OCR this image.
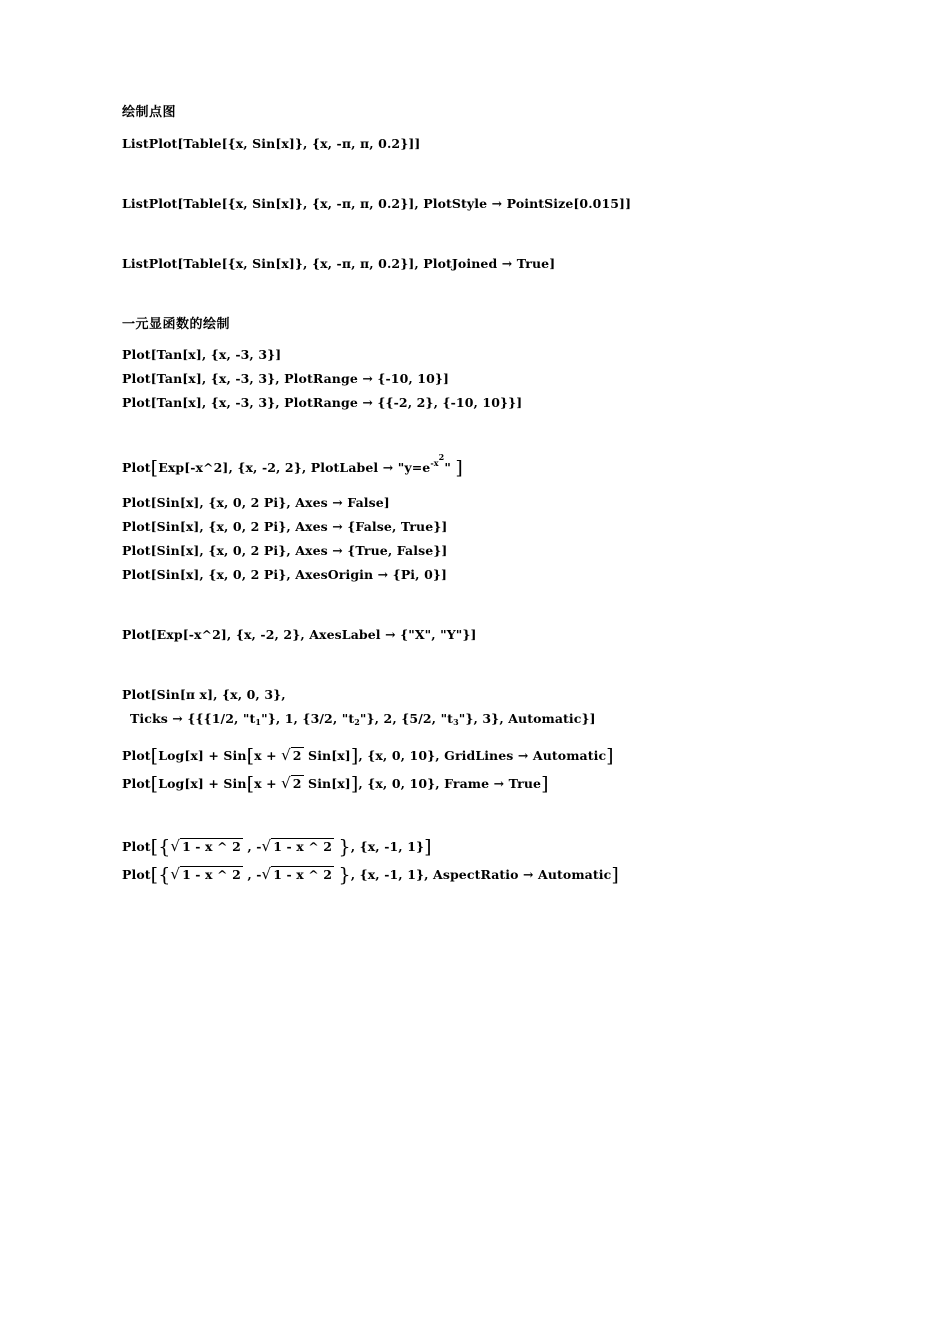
绘制点图
ListPlot[Table[{x, Sin[x]}, {x, -π, π, 0.2}]]
ListPlot[Table[{x, Sin[x]}, {x, -π, π, 0.2}], PlotStyle → PointSize[0.015]]
ListPlot[Table[{x, Sin[x]}, {x, -π, π, 0.2}], PlotJoined → True]
一元显函数的绘制
Plot[Tan[x], {x, -3, 3}]
Plot[Tan[x], {x, -3, 3}, PlotRange → {-10, 10}]
Plot[Tan[x], {x, -3, 3}, PlotRange → {{-2, 2}, {-10, 10}}]
Plot[Exp[-x^2], {x, -2, 2}, PlotLabel → "$y=e^{-x^2}$" ]
Plot[Sin[x], {x, 0, 2 Pi}, Axes → False]
Plot[Sin[x], {x, 0, 2 Pi}, Axes → {False, True}]
Plot[Sin[x], {x, 0, 2 Pi}, Axes → {True, False}]
Plot[Sin[x], {x, 0, 2 Pi}, AxesOrigin → {Pi, 0}]
Plot[Exp[-x^2], {x, -2, 2}, AxesLabel → {"X", "Y"}]
Plot[Sin[π x], {x, 0, 3},
Ticks → {{{1/2, "$t_1$"}, 1, {3/2, "$t_2$"}, 2, {5/2, "$t_3$"}, 3}, Automatic}]
Plot[Log[x] + Sin[x + √ 2 Sin[x]], {x, 0, 10}, GridLines → Automatic]
Plot[Log[x] + Sin[x + √ 2 Sin[x]], {x, 0, 10}, Frame → True]
Plot[{√ 1 - x ^ 2 , -√ 1 - x ^ 2 }, {x, -1, 1}]
Plot[{√ 1 - x ^ 2 , -√ 1 - x ^ 2 }, {x, -1, 1}, AspectRatio → Automatic]
